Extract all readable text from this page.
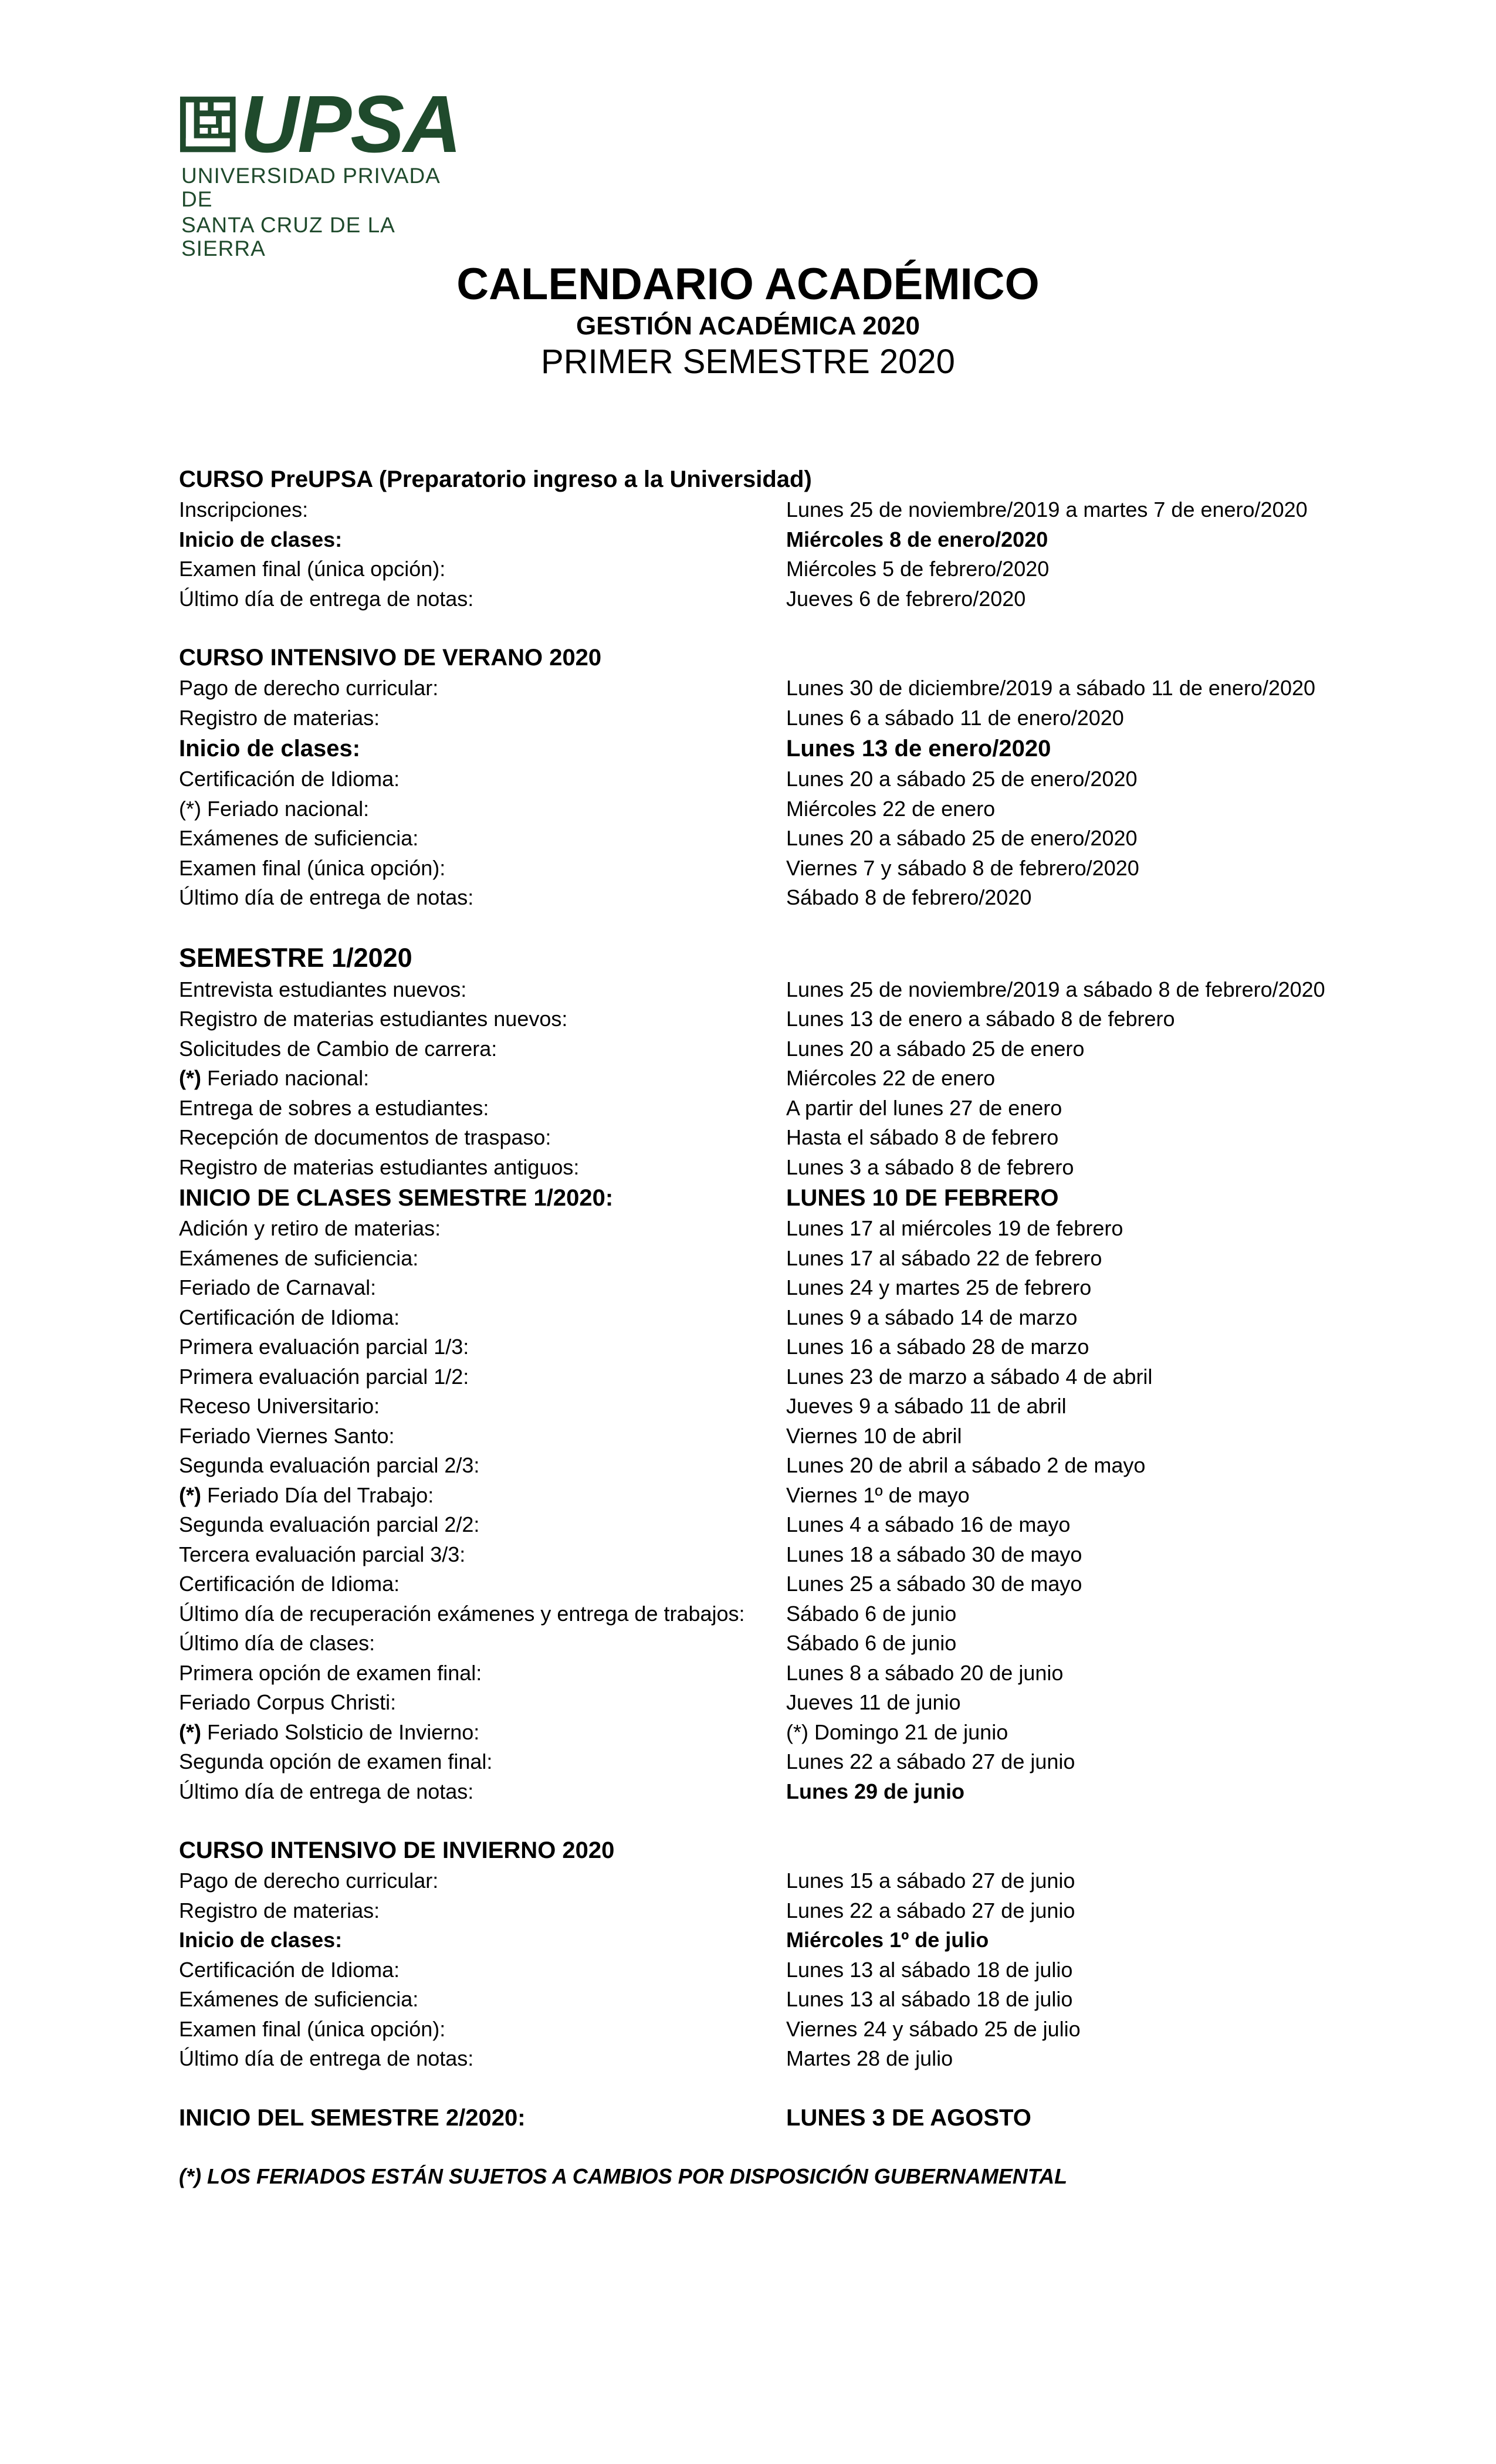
UPSA
UNIVERSIDAD PRIVADA DE
SANTA CRUZ DE LA SIERRA
CALENDARIO ACADÉMICO
GESTIÓN ACADÉMICA 2020
PRIMER SEMESTRE 2020
CURSO PreUPSA (Preparatorio ingreso a la Universidad)
Inscripciones:	Lunes 25 de noviembre/2019 a martes 7 de enero/2020
Inicio de clases:	Miércoles 8 de enero/2020
Examen final (única opción):	Miércoles 5 de febrero/2020
Último día de entrega de notas:	Jueves 6 de febrero/2020
CURSO INTENSIVO DE VERANO 2020
Pago de derecho curricular:	Lunes 30 de diciembre/2019 a sábado 11 de enero/2020
Registro de materias:	Lunes 6 a sábado 11 de enero/2020
Inicio de clases:	Lunes 13 de enero/2020
Certificación de Idioma:	Lunes 20 a sábado 25 de enero/2020
(*) Feriado nacional:	Miércoles 22 de enero
Exámenes de suficiencia:	Lunes 20 a sábado 25 de enero/2020
Examen final (única opción):	Viernes 7 y sábado 8 de febrero/2020
Último día de entrega de notas:	Sábado 8 de febrero/2020
SEMESTRE 1/2020
Entrevista estudiantes nuevos:	Lunes 25 de noviembre/2019 a sábado 8 de febrero/2020
Registro de materias estudiantes nuevos:	Lunes 13 de enero a sábado 8 de febrero
Solicitudes de Cambio de carrera:	Lunes 20 a sábado 25 de enero
(*) Feriado nacional:	Miércoles 22 de enero
Entrega de sobres a estudiantes:	A partir del lunes 27 de enero
Recepción de documentos de traspaso:	Hasta el sábado 8 de febrero
Registro de materias estudiantes antiguos:	Lunes 3 a sábado 8 de febrero
INICIO DE CLASES SEMESTRE 1/2020:	LUNES 10 DE FEBRERO
Adición y retiro de materias:	Lunes 17 al miércoles 19 de febrero
Exámenes de suficiencia:	Lunes 17 al sábado 22 de febrero
Feriado de Carnaval:	Lunes 24 y martes 25 de febrero
Certificación de Idioma:	Lunes 9 a sábado 14 de marzo
Primera evaluación parcial 1/3:	Lunes 16 a sábado 28 de marzo
Primera evaluación parcial 1/2:	Lunes 23 de marzo a sábado 4 de abril
Receso Universitario:	Jueves 9 a sábado 11 de abril
Feriado Viernes Santo:	Viernes 10 de abril
Segunda evaluación parcial 2/3:	Lunes 20 de abril a sábado 2 de mayo
(*) Feriado Día del Trabajo:	Viernes 1º de mayo
Segunda evaluación parcial 2/2:	Lunes 4 a sábado 16 de mayo
Tercera evaluación parcial 3/3:	Lunes 18 a sábado 30 de mayo
Certificación de Idioma:	Lunes 25 a sábado 30 de mayo
Último día de recuperación exámenes y entrega de trabajos:	Sábado 6 de junio
Último día de clases:	Sábado 6 de junio
Primera opción de examen final:	Lunes 8 a sábado 20 de junio
Feriado Corpus Christi:	Jueves 11 de junio
(*) Feriado Solsticio de Invierno:	(*) Domingo 21 de junio
Segunda opción de examen final:	Lunes 22 a sábado 27 de junio
Último día de entrega de notas:	Lunes 29 de junio
CURSO INTENSIVO DE INVIERNO 2020
Pago de derecho curricular:	Lunes 15 a sábado 27 de junio
Registro de materias:	Lunes 22 a sábado 27 de junio
Inicio de clases:	Miércoles 1º de julio
Certificación de Idioma:	Lunes 13 al sábado 18 de julio
Exámenes de suficiencia:	Lunes 13 al sábado 18 de julio
Examen final (única opción):	Viernes 24 y sábado 25 de julio
Último día de entrega de notas:	Martes 28 de julio
INICIO DEL SEMESTRE 2/2020:	LUNES 3 DE AGOSTO
(*) LOS FERIADOS ESTÁN SUJETOS A CAMBIOS POR DISPOSICIÓN GUBERNAMENTAL
